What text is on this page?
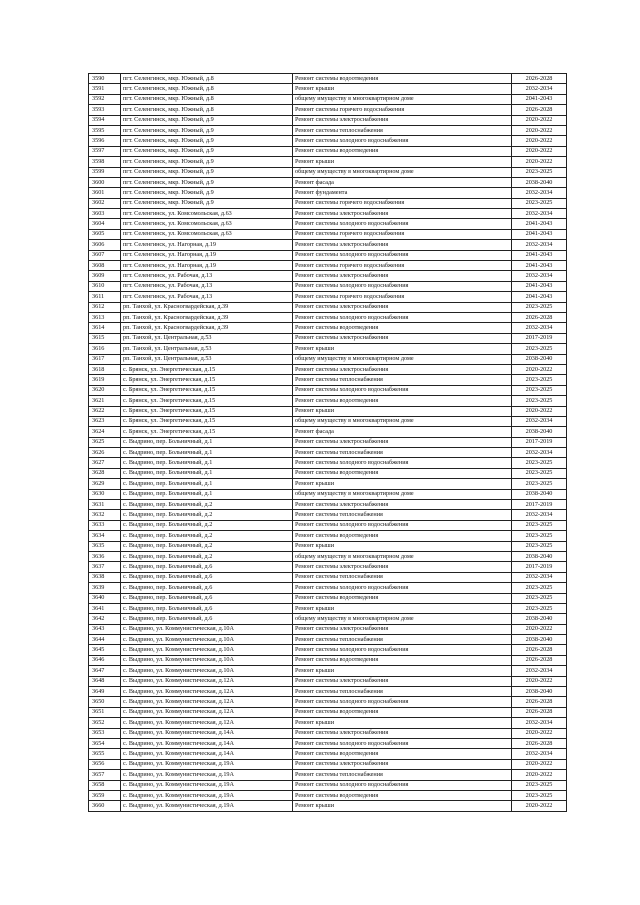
3590	пгт. Селенгинск, мкр. Южный, д.8	Ремонт системы водоотведения	2026-2028
3591	пгт. Селенгинск, мкр. Южный, д.8	Ремонт крыши	2032-2034
3592	пгт. Селенгинск, мкр. Южный, д.8	общему имуществу в многоквартирном доме	2041-2043
3593	пгт. Селенгинск, мкр. Южный, д.8	Ремонт системы горячего водоснабжения	2026-2028
3594	пгт. Селенгинск, мкр. Южный, д.9	Ремонт системы электроснабжения	2020-2022
3595	пгт. Селенгинск, мкр. Южный, д.9	Ремонт системы теплоснабжения	2020-2022
3596	пгт. Селенгинск, мкр. Южный, д.9	Ремонт системы холодного водоснабжения	2020-2022
3597	пгт. Селенгинск, мкр. Южный, д.9	Ремонт системы водоотведения	2020-2022
3598	пгт. Селенгинск, мкр. Южный, д.9	Ремонт крыши	2020-2022
3599	пгт. Селенгинск, мкр. Южный, д.9	общему имуществу в многоквартирном доме	2023-2025
3600	пгт. Селенгинск, мкр. Южный, д.9	Ремонт фасада	2038-2040
3601	пгт. Селенгинск, мкр. Южный, д.9	Ремонт фундамента	2032-2034
3602	пгт. Селенгинск, мкр. Южный, д.9	Ремонт системы горячего водоснабжения	2023-2025
3603	пгт. Селенгинск, ул. Комсомольская, д.63	Ремонт системы электроснабжения	2032-2034
3604	пгт. Селенгинск, ул. Комсомольская, д.63	Ремонт системы холодного водоснабжения	2041-2043
3605	пгт. Селенгинск, ул. Комсомольская, д.63	Ремонт системы горячего водоснабжения	2041-2043
3606	пгт. Селенгинск, ул. Нагорная, д.19	Ремонт системы электроснабжения	2032-2034
3607	пгт. Селенгинск, ул. Нагорная, д.19	Ремонт системы холодного водоснабжения	2041-2043
3608	пгт. Селенгинск, ул. Нагорная, д.19	Ремонт системы горячего водоснабжения	2041-2043
3609	пгт. Селенгинск, ул. Рабочая, д.13	Ремонт системы электроснабжения	2032-2034
3610	пгт. Селенгинск, ул. Рабочая, д.13	Ремонт системы холодного водоснабжения	2041-2043
3611	пгт. Селенгинск, ул. Рабочая, д.13	Ремонт системы горячего водоснабжения	2041-2043
3612	рп. Танхой, ул. Красногвардейская, д.39	Ремонт системы электроснабжения	2023-2025
3613	рп. Танхой, ул. Красногвардейская, д.39	Ремонт системы холодного водоснабжения	2026-2028
3614	рп. Танхой, ул. Красногвардейская, д.39	Ремонт системы водоотведения	2032-2034
3615	рп. Танхой, ул. Центральная, д.53	Ремонт системы электроснабжения	2017-2019
3616	рп. Танхой, ул. Центральная, д.53	Ремонт крыши	2023-2025
3617	рп. Танхой, ул. Центральная, д.53	общему имуществу в многоквартирном доме	2038-2040
3618	с. Брянск, ул. Энергетическая, д.15	Ремонт системы электроснабжения	2020-2022
3619	с. Брянск, ул. Энергетическая, д.15	Ремонт системы теплоснабжения	2023-2025
3620	с. Брянск, ул. Энергетическая, д.15	Ремонт системы холодного водоснабжения	2023-2025
3621	с. Брянск, ул. Энергетическая, д.15	Ремонт системы водоотведения	2023-2025
3622	с. Брянск, ул. Энергетическая, д.15	Ремонт крыши	2020-2022
3623	с. Брянск, ул. Энергетическая, д.15	общему имуществу в многоквартирном доме	2032-2034
3624	с. Брянск, ул. Энергетическая, д.15	Ремонт фасада	2038-2040
3625	с. Выдрино, пер. Больничный, д.1	Ремонт системы электроснабжения	2017-2019
3626	с. Выдрино, пер. Больничный, д.1	Ремонт системы теплоснабжения	2032-2034
3627	с. Выдрино, пер. Больничный, д.1	Ремонт системы холодного водоснабжения	2023-2025
3628	с. Выдрино, пер. Больничный, д.1	Ремонт системы водоотведения	2023-2025
3629	с. Выдрино, пер. Больничный, д.1	Ремонт крыши	2023-2025
3630	с. Выдрино, пер. Больничный, д.1	общему имуществу в многоквартирном доме	2038-2040
3631	с. Выдрино, пер. Больничный, д.2	Ремонт системы электроснабжения	2017-2019
3632	с. Выдрино, пер. Больничный, д.2	Ремонт системы теплоснабжения	2032-2034
3633	с. Выдрино, пер. Больничный, д.2	Ремонт системы холодного водоснабжения	2023-2025
3634	с. Выдрино, пер. Больничный, д.2	Ремонт системы водоотведения	2023-2025
3635	с. Выдрино, пер. Больничный, д.2	Ремонт крыши	2023-2025
3636	с. Выдрино, пер. Больничный, д.2	общему имуществу в многоквартирном доме	2038-2040
3637	с. Выдрино, пер. Больничный, д.6	Ремонт системы электроснабжения	2017-2019
3638	с. Выдрино, пер. Больничный, д.6	Ремонт системы теплоснабжения	2032-2034
3639	с. Выдрино, пер. Больничный, д.6	Ремонт системы холодного водоснабжения	2023-2025
3640	с. Выдрино, пер. Больничный, д.6	Ремонт системы водоотведения	2023-2025
3641	с. Выдрино, пер. Больничный, д.6	Ремонт крыши	2023-2025
3642	с. Выдрино, пер. Больничный, д.6	общему имуществу в многоквартирном доме	2038-2040
3643	с. Выдрино, ул. Коммунистическая, д.10А	Ремонт системы электроснабжения	2020-2022
3644	с. Выдрино, ул. Коммунистическая, д.10А	Ремонт системы теплоснабжения	2038-2040
3645	с. Выдрино, ул. Коммунистическая, д.10А	Ремонт системы холодного водоснабжения	2026-2028
3646	с. Выдрино, ул. Коммунистическая, д.10А	Ремонт системы водоотведения	2026-2028
3647	с. Выдрино, ул. Коммунистическая, д.10А	Ремонт крыши	2032-2034
3648	с. Выдрино, ул. Коммунистическая, д.12А	Ремонт системы электроснабжения	2020-2022
3649	с. Выдрино, ул. Коммунистическая, д.12А	Ремонт системы теплоснабжения	2038-2040
3650	с. Выдрино, ул. Коммунистическая, д.12А	Ремонт системы холодного водоснабжения	2026-2028
3651	с. Выдрино, ул. Коммунистическая, д.12А	Ремонт системы водоотведения	2026-2028
3652	с. Выдрино, ул. Коммунистическая, д.12А	Ремонт крыши	2032-2034
3653	с. Выдрино, ул. Коммунистическая, д.14А	Ремонт системы электроснабжения	2020-2022
3654	с. Выдрино, ул. Коммунистическая, д.14А	Ремонт системы холодного водоснабжения	2026-2028
3655	с. Выдрино, ул. Коммунистическая, д.14А	Ремонт системы водоотведения	2032-2034
3656	с. Выдрино, ул. Коммунистическая, д.19А	Ремонт системы электроснабжения	2020-2022
3657	с. Выдрино, ул. Коммунистическая, д.19А	Ремонт системы теплоснабжения	2020-2022
3658	с. Выдрино, ул. Коммунистическая, д.19А	Ремонт системы холодного водоснабжения	2023-2025
3659	с. Выдрино, ул. Коммунистическая, д.19А	Ремонт системы водоотведения	2023-2025
3660	с. Выдрино, ул. Коммунистическая, д.19А	Ремонт крыши	2020-2022
